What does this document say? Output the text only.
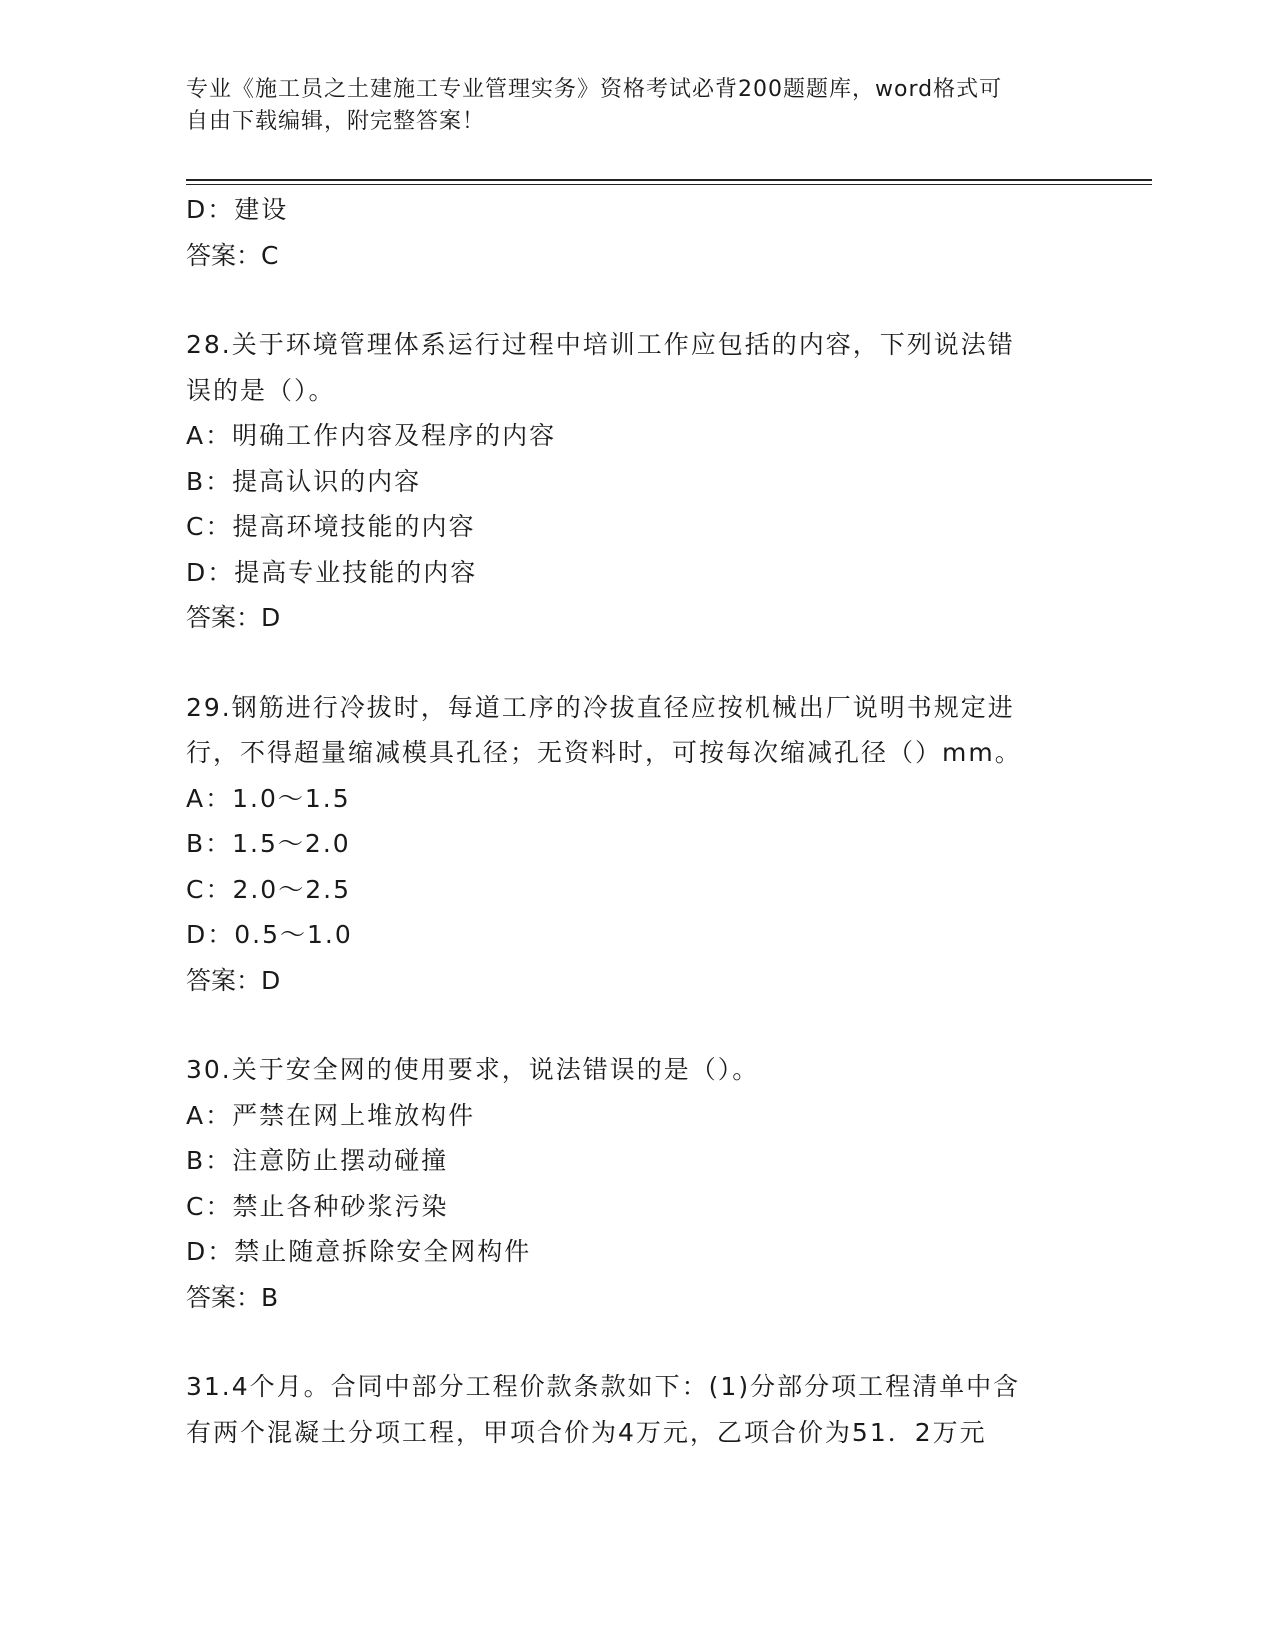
专业《施工员之土建施工专业管理实务》资格考试必背200题题库，word格式可
自由下载编辑，附完整答案！
D：建设
答案：C
28.关于环境管理体系运行过程中培训工作应包括的内容，下列说法错
误的是（）。
A：明确工作内容及程序的内容
B：提高认识的内容
C：提高环境技能的内容
D：提高专业技能的内容
答案：D
29.钢筋进行冷拔时，每道工序的冷拔直径应按机械出厂说明书规定进
行，不得超量缩减模具孔径；无资料时，可按每次缩减孔径（）mm。
A：1.0～1.5
B：1.5～2.0
C：2.0～2.5
D：0.5～1.0
答案：D
30.关于安全网的使用要求，说法错误的是（）。
A：严禁在网上堆放构件
B：注意防止摆动碰撞
C：禁止各种砂浆污染
D：禁止随意拆除安全网构件
答案：B
31.4个月。合同中部分工程价款条款如下：(1)分部分项工程清单中含
有两个混凝土分项工程，甲项合价为4万元，乙项合价为51．2万元
